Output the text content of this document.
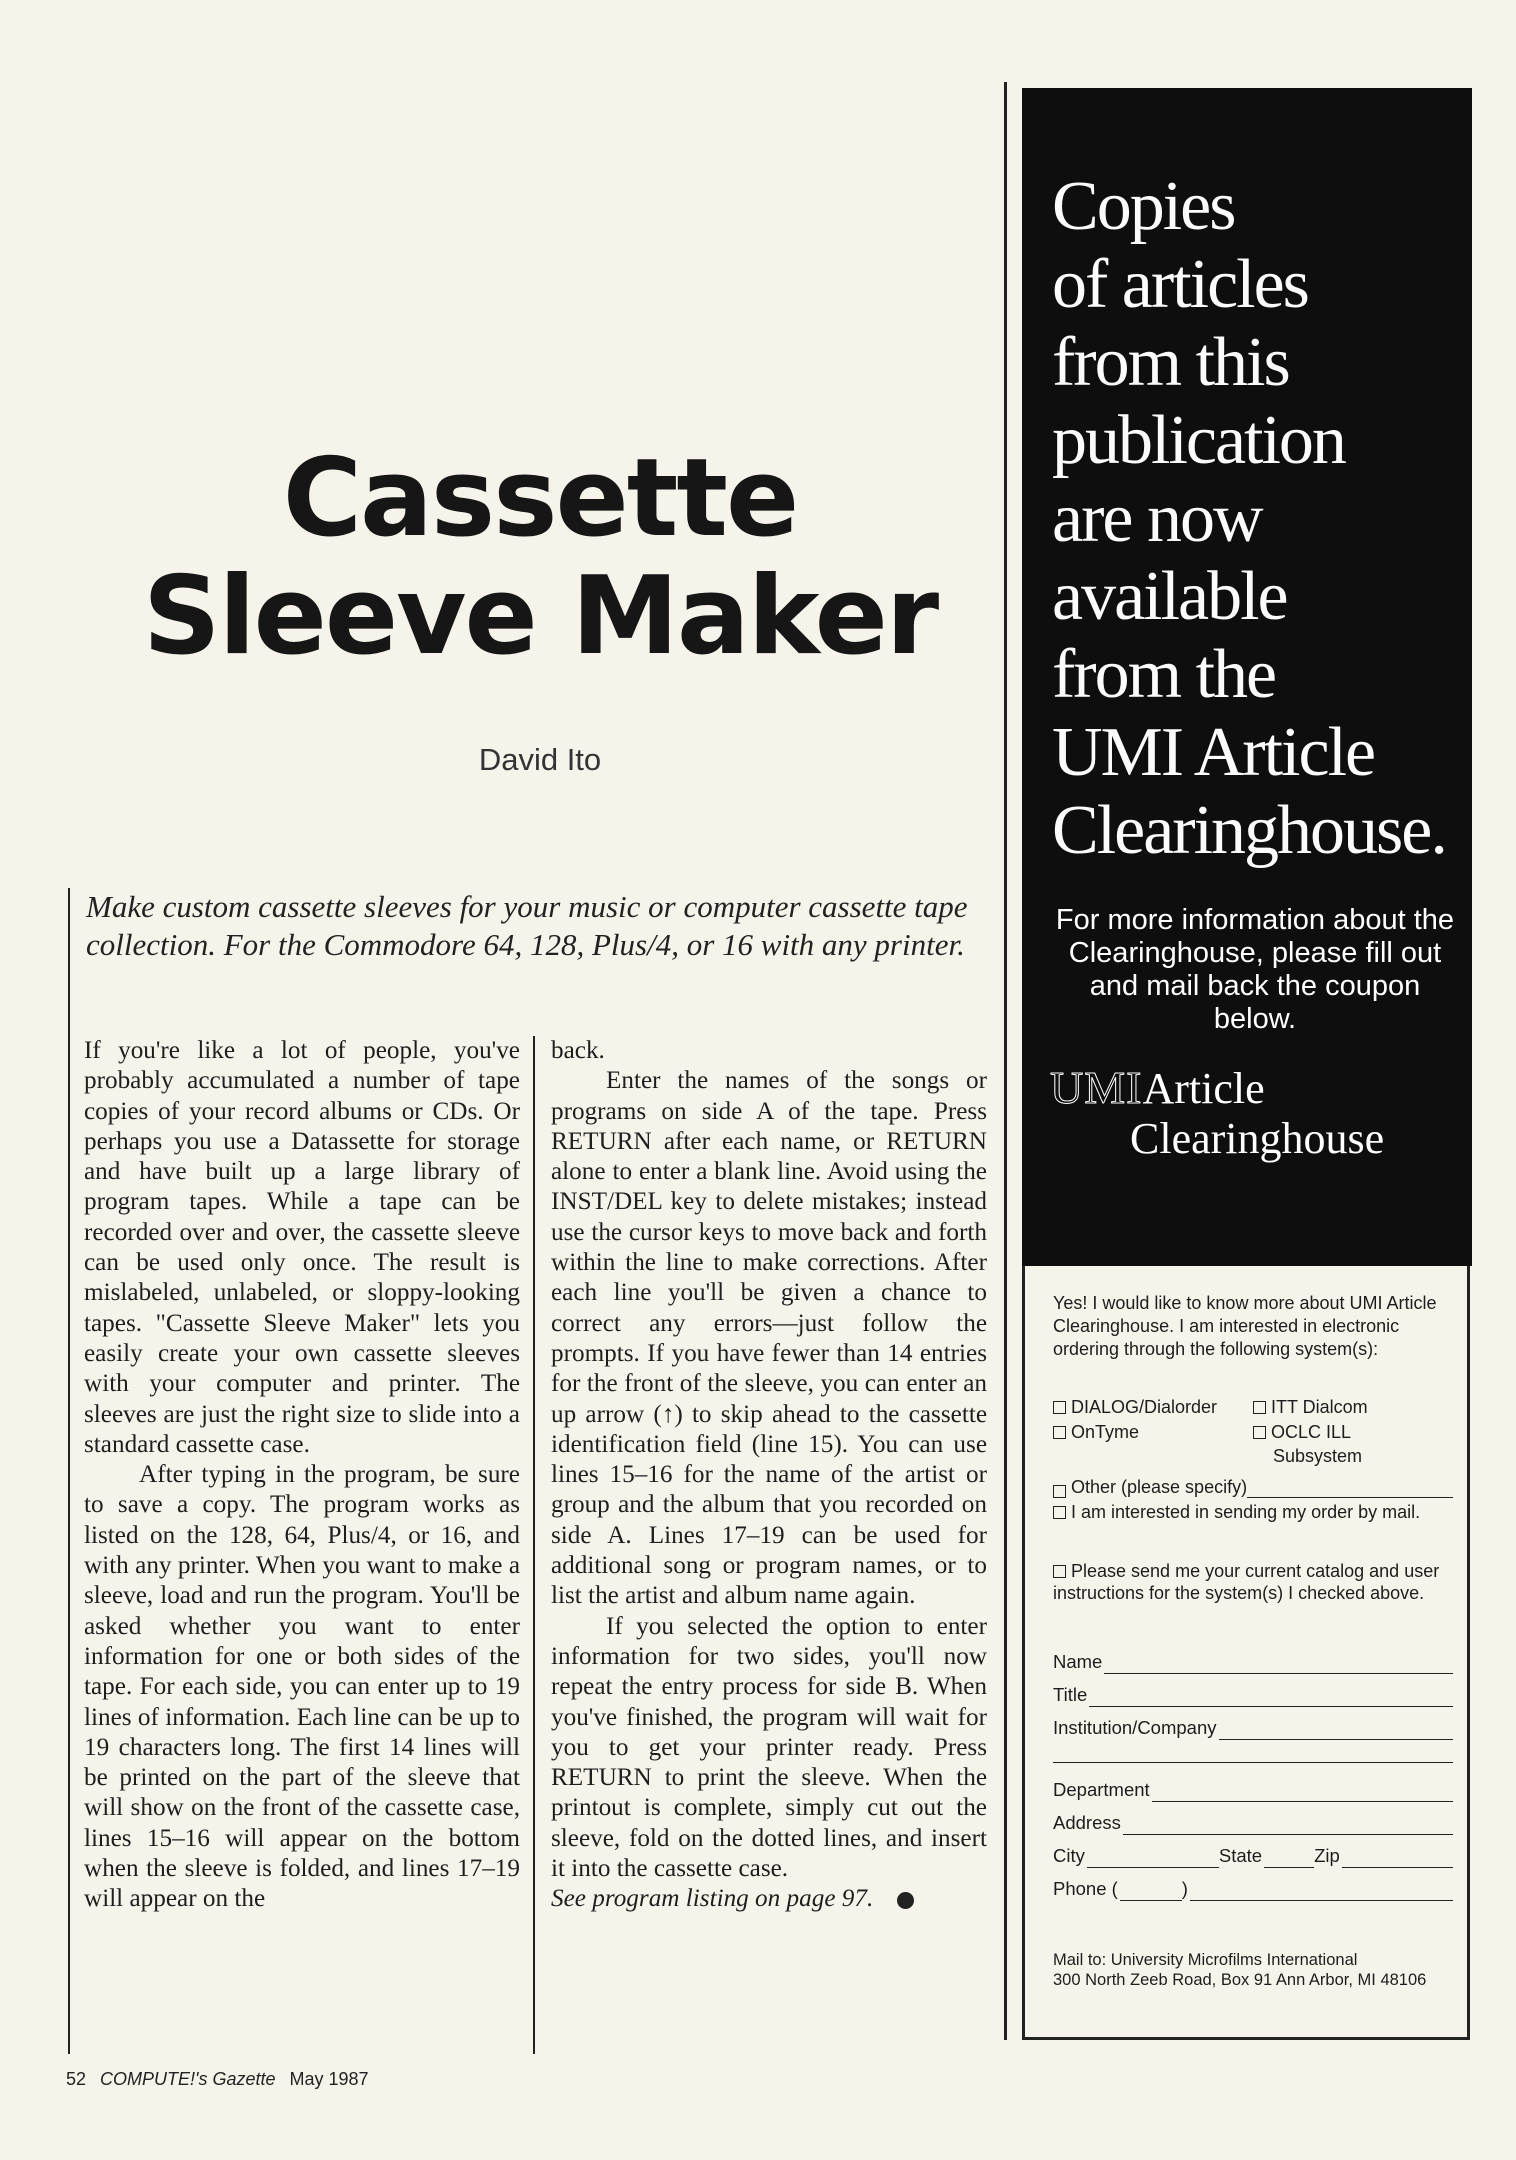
Cassette
Sleeve Maker
David Ito
Make custom cassette sleeves for your music or computer cassette tape collection. For the Commodore 64, 128, Plus/4, or 16 with any printer.

If you're like a lot of people, you've probably accumulated a number of tape copies of your record albums or CDs. Or perhaps you use a Datassette for storage and have built up a large library of program tapes. While a tape can be recorded over and over, the cassette sleeve can be used only once. The result is mislabeled, unlabeled, or sloppy-looking tapes. "Cassette Sleeve Maker" lets you easily create your own cassette sleeves with your computer and printer. The sleeves are just the right size to slide into a standard cassette case.

After typing in the program, be sure to save a copy. The program works as listed on the 128, 64, Plus/4, or 16, and with any printer. When you want to make a sleeve, load and run the program. You'll be asked whether you want to enter information for one or both sides of the tape. For each side, you can enter up to 19 lines of information. Each line can be up to 19 characters long. The first 14 lines will be printed on the part of the sleeve that will show on the front of the cassette case, lines 15–16 will appear on the bottom when the sleeve is folded, and lines 17–19 will appear on the

back.

Enter the names of the songs or programs on side A of the tape. Press RETURN after each name, or RETURN alone to enter a blank line. Avoid using the INST/DEL key to delete mistakes; instead use the cursor keys to move back and forth within the line to make corrections. After each line you'll be given a chance to correct any errors—just follow the prompts. If you have fewer than 14 entries for the front of the sleeve, you can enter an up arrow (↑) to skip ahead to the cassette identification field (line 15). You can use lines 15–16 for the name of the artist or group and the album that you recorded on side A. Lines 17–19 can be used for additional song or program names, or to list the artist and album name again.

If you selected the option to enter information for two sides, you'll now repeat the entry process for side B. When you've finished, the program will wait for you to get your printer ready. Press RETURN to print the sleeve. When the printout is complete, simply cut out the sleeve, fold on the dotted lines, and insert it into the cassette case.

See program listing on page 97.

Copies
of articles
from this
publication
are now
available
from the
UMI Article
Clearinghouse.
For more information about the Clearinghouse, please fill out and mail back the coupon below.
UMIArticle
Clearinghouse
Yes! I would like to know more about UMI Article Clearinghouse. I am interested in electronic ordering through the following system(s):
DIALOG/Dialorder	ITT Dialcom
OnTyme	OCLC ILL
Subsystem
Other (please specify)
I am interested in sending my order by mail.
Please send me your current catalog and user instructions for the system(s) I checked above.
Name
Title
Institution/Company
Department
Address
City	State	Zip
Phone (	)
Mail to: University Microfilms International
300 North Zeeb Road, Box 91 Ann Arbor, MI 48106
52 COMPUTE!'s Gazette May 1987
